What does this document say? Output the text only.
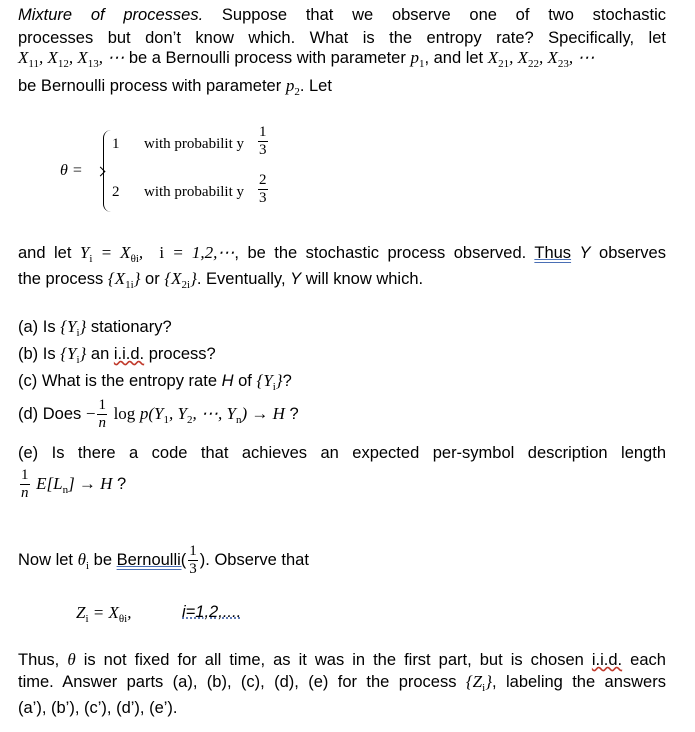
Mixture of processes. Suppose that we observe one of two stochastic
processes but don’t know which. What is the entropy rate? Specifically, let
$X_{11}$, $X_{12}$, $X_{13}$, ⋯ be a Bernoulli process with parameter $p_1$, and let $X_{21}$, $X_{22}$, $X_{23}$, ⋯
be Bernoulli process with parameter $p_2$. Let
θ =
1 with probabilit y $\frac{1}{3}$
2 with probabilit y $\frac{2}{3}$
and let $Y_i = X_{\theta i}$,  i = 1,2,⋯, be the stochastic process observed. Thus Y observes
the process $\{X_{1i}\}$ or $\{X_{2i}\}$. Eventually, Y will know which.
(a) Is $\{Y_i\}$ stationary?
(b) Is $\{Y_i\}$ an i.i.d. process?
(c) What is the entropy rate H of $\{Y_i\}$?
(d) Does − $\frac{1}{n}$ $\log p(Y_1$, $Y_2$, ⋯, $Y_n) \to H$ ?
(e) Is there a code that achieves an expected per-symbol description length
$\frac{1}{n} E[L_n] \to H$ ?
Now let $\theta_i$ be Bernoulli( $\frac{1}{3}$ ). Observe that
$Z_i = X_{\theta i}$,	i=1,2,....
Thus, θ is not fixed for all time, as it was in the first part, but is chosen i.i.d. each
time. Answer parts (a), (b), (c), (d), (e) for the process $\{Z_i\}$, labeling the answers
(a’), (b’), (c’), (d’), (e’).
